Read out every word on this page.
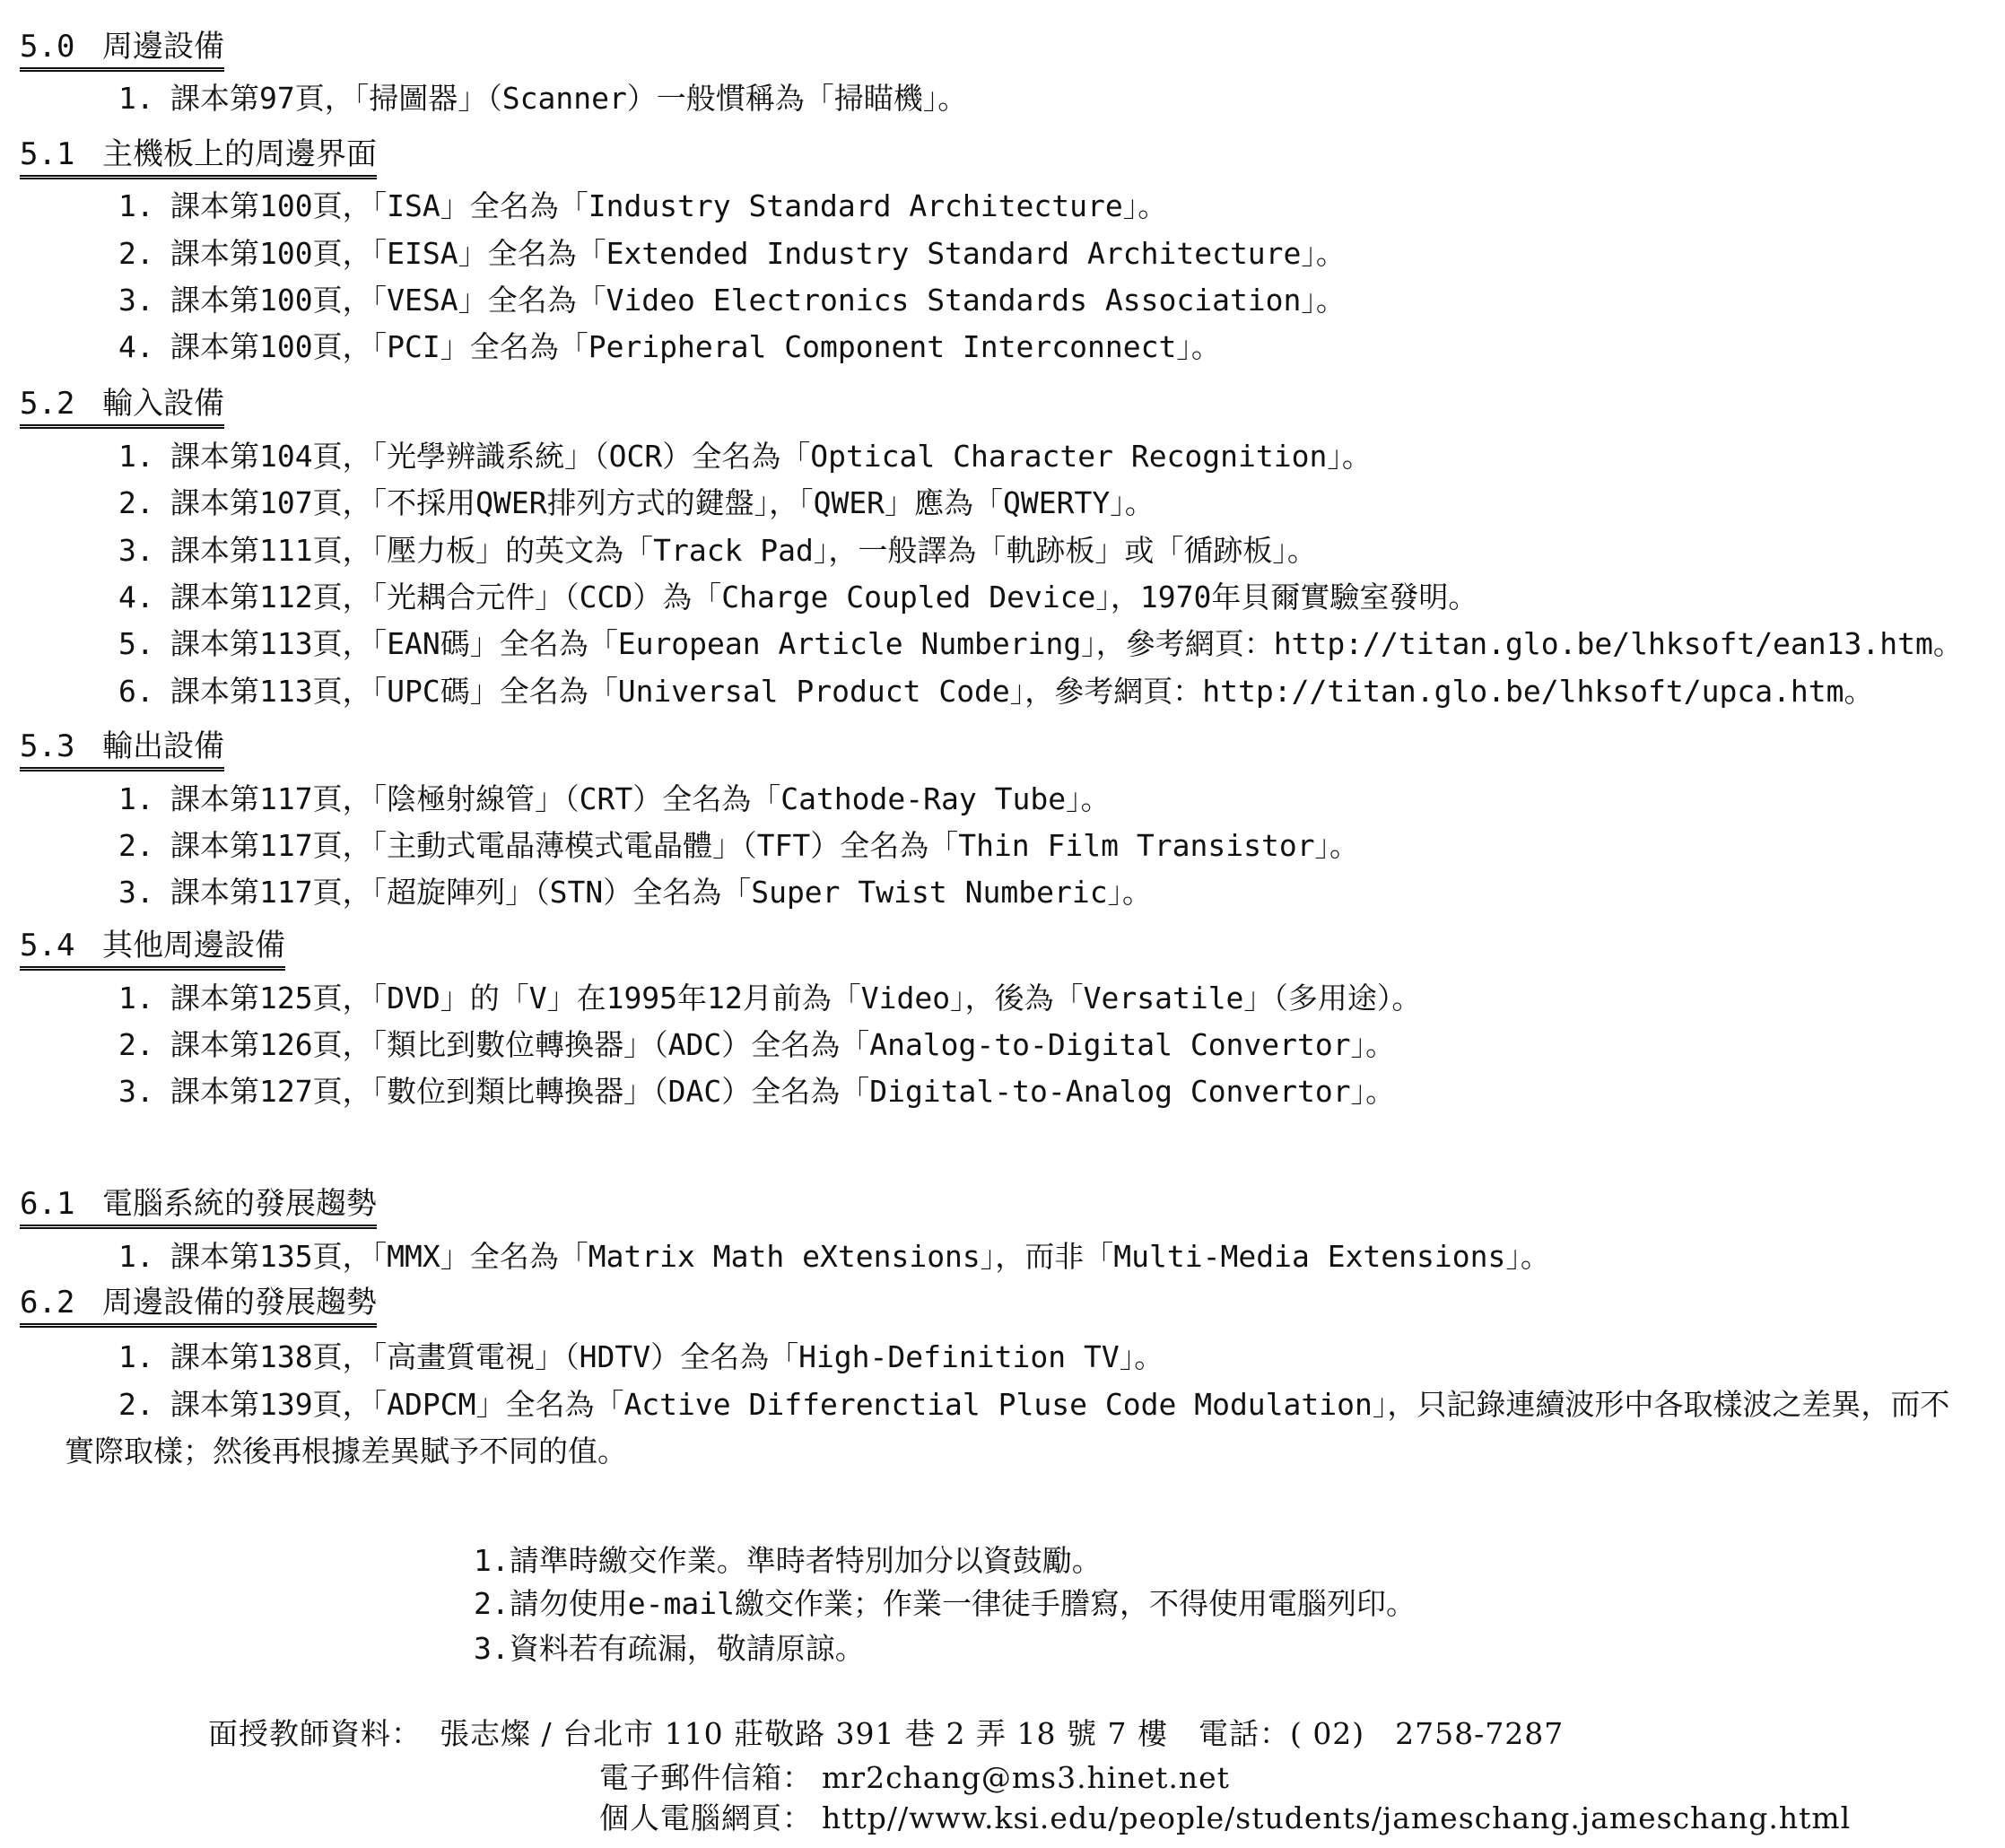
5.0 周邊設備
1. 課本第97頁，「掃圖器」（Scanner）一般慣稱為「掃瞄機」。
5.1 主機板上的周邊界面
1. 課本第100頁，「ISA」全名為「Industry Standard Architecture」。
2. 課本第100頁，「EISA」全名為「Extended Industry Standard Architecture」。
3. 課本第100頁，「VESA」全名為「Video Electronics Standards Association」。
4. 課本第100頁，「PCI」全名為「Peripheral Component Interconnect」。
5.2 輸入設備
1. 課本第104頁，「光學辨識系統」（OCR）全名為「Optical Character Recognition」。
2. 課本第107頁，「不採用QWER排列方式的鍵盤」，「QWER」應為「QWERTY」。
3. 課本第111頁，「壓力板」的英文為「Track Pad」，一般譯為「軌跡板」或「循跡板」。
4. 課本第112頁，「光耦合元件」（CCD）為「Charge Coupled Device」，1970年貝爾實驗室發明。
5. 課本第113頁，「EAN碼」全名為「European Article Numbering」，參考網頁：http://titan.glo.be/lhksoft/ean13.htm。
6. 課本第113頁，「UPC碼」全名為「Universal Product Code」，參考網頁：http://titan.glo.be/lhksoft/upca.htm。
5.3 輸出設備
1. 課本第117頁，「陰極射線管」（CRT）全名為「Cathode-Ray Tube」。
2. 課本第117頁，「主動式電晶薄模式電晶體」（TFT）全名為「Thin Film Transistor」。
3. 課本第117頁，「超旋陣列」（STN）全名為「Super Twist Numberic」。
5.4 其他周邊設備
1. 課本第125頁，「DVD」的「V」在1995年12月前為「Video」，後為「Versatile」（多用途）。
2. 課本第126頁，「類比到數位轉換器」（ADC）全名為「Analog-to-Digital Convertor」。
3. 課本第127頁，「數位到類比轉換器」（DAC）全名為「Digital-to-Analog Convertor」。
6.1 電腦系統的發展趨勢
1. 課本第135頁，「MMX」全名為「Matrix Math eXtensions」，而非「Multi-Media Extensions」。
6.2 周邊設備的發展趨勢
1. 課本第138頁，「高畫質電視」（HDTV）全名為「High-Definition TV」。
2. 課本第139頁，「ADPCM」全名為「Active Differenctial Pluse Code Modulation」，只記錄連續波形中各取樣波之差異，而不
實際取樣；然後再根據差異賦予不同的值。
1.請準時繳交作業。準時者特別加分以資鼓勵。
2.請勿使用e-mail繳交作業；作業一律徒手謄寫，不得使用電腦列印。
3.資料若有疏漏，敬請原諒。
面授教師資料： 張志燦 / 台北市 110 莊敬路 391 巷 2 弄 18 號 7 樓　電話：( 02)　2758-7287
電子郵件信箱： mr2chang@ms3.hinet.net
個人電腦網頁： http//www.ksi.edu/people/students/jameschang.jameschang.html
